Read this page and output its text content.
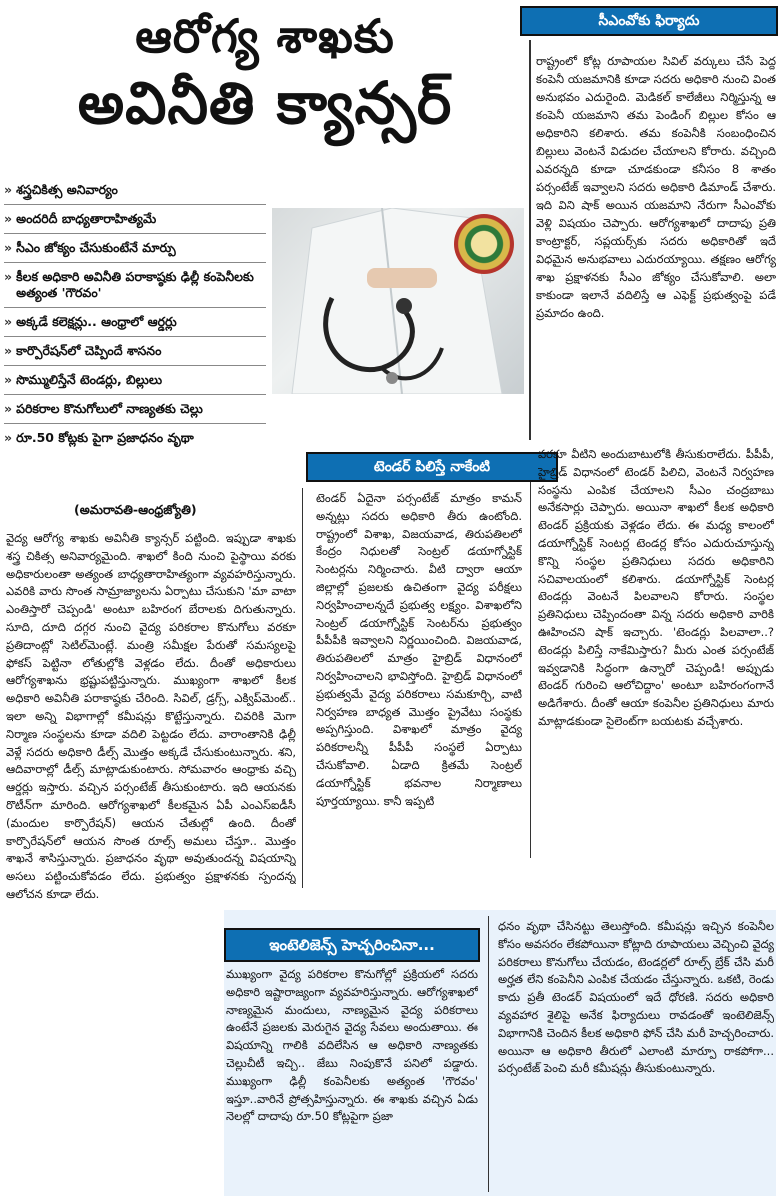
ఆరోగ్య శాఖకు
అవినీతి క్యాన్సర్
» శస్త్రచికిత్స అనివార్యం
» అందరిదీ బాధ్యతారాహిత్యమే
» సీఎం జోక్యం చేసుకుంటేనే మార్పు
» కీలక అధికారి అవినీతి పరాకాష్ఠకు ఢిల్లీ కంపెనీలకు అత్యంత 'గౌరవం'
» అక్కడే కలెక్షన్లు.. ఆంధ్రాలో ఆర్డర్లు
» కార్పొరేషన్‌లో చెప్పిందే శాసనం
» సొమ్ములిస్తేనే టెండర్లు, బిల్లులు
» పరికరాల కొనుగోలులో నాణ్యతకు చెల్లు
» రూ.50 కోట్లకు పైగా ప్రజాధనం వృథా
(అమరావతి-ఆంధ్రజ్యోతి)
సీఎంవోకు ఫిర్యాదు

రాష్ట్రంలో కోట్ల రూపాయల సివిల్ వర్కులు చేసే పెద్ద కంపెనీ యజమానికి కూడా సదరు అధికారి నుంచి వింత అనుభవం ఎదురైంది. మెడికల్ కాలేజీలు నిర్మిస్తున్న ఆ కంపెనీ యజమాని తమ పెండింగ్ బిల్లుల కోసం ఆ అధికారిని కలిశారు. తమ కంపెనీకి సంబంధించిన బిల్లులు వెంటనే విడుదల చేయాలని కోరారు. వచ్చింది ఎవరన్నది కూడా చూడకుండా కనీసం 8 శాతం పర్సంటేజ్ ఇవ్వాలని సదరు అధికారి డిమాండ్ చేశారు. ఇది విని షాక్ అయిన యజమాని నేరుగా సీఎంవోకు వెళ్లి విషయం చెప్పారు. ఆరోగ్యశాఖలో దాదాపు ప్రతి కాంట్రాక్టర్, సప్లయర్స్‌కు సదరు అధికారితో ఇదే విధమైన అనుభవాలు ఎదురయ్యాయి. తక్షణం ఆరోగ్య శాఖ ప్రక్షాళనకు సీఎం జోక్యం చేసుకోవాలి. అలా కాకుండా ఇలానే వదిలిస్తే ఆ ఎఫెక్ట్ ప్రభుత్వంపై పడే ప్రమాదం ఉంది.

టెండర్ పిలిస్తే నాకేంటి

టెండర్ ఏదైనా పర్సంటేజ్ మాత్రం కామన్ అన్నట్లు సదరు అధికారి తీరు ఉంటోంది. రాష్ట్రంలో విశాఖ, విజయవాడ, తిరుపతిలలో కేంద్రం నిధులతో సెంట్రల్ డయాగ్నోస్టిక్ సెంటర్లను నిర్మించారు. వీటి ద్వారా ఆయా జిల్లాల్లో ప్రజలకు ఉచితంగా వైద్య పరీక్షలు నిర్వహించాలన్నదే ప్రభుత్వ లక్ష్యం. విశాఖలోని సెంట్రల్ డయాగ్నోస్టిక్ సెంటర్‌ను ప్రభుత్వం పీపీపీకి ఇవ్వాలని నిర్ణయించింది. విజయవాడ, తిరుపతిలలో మాత్రం హైబ్రిడ్ విధానంలో నిర్వహించాలని భావిస్తోంది. హైబ్రిడ్ విధానంలో ప్రభుత్వమే వైద్య పరికరాలు సమకూర్చి, వాటి నిర్వహణ బాధ్యత మొత్తం ప్రైవేటు సంస్థకు అప్పగిస్తుంది. విశాఖలో మాత్రం వైద్య పరికరాలన్నీ పీపీపీ సంస్థలే ఏర్పాటు చేసుకోవాలి. ఏడాది క్రితమే సెంట్రల్ డయాగ్నోస్టిక్ భవనాల నిర్మాణాలు పూర్తయ్యాయి. కానీ ఇప్పటి

వరకూ వీటిని అందుబాటులోకి తీసుకురాలేదు. పీపీపీ, హైబ్రిడ్ విధానంలో టెండర్ పిలిచి, వెంటనే నిర్వహణ సంస్థను ఎంపిక చేయాలని సీఎం చంద్రబాబు అనేకసార్లు చెప్పారు. అయినా శాఖలో కీలక అధికారి టెండర్ ప్రక్రియకు వెళ్లడం లేదు. ఈ మధ్య కాలంలో డయాగ్నోస్టిక్ సెంటర్ల టెండర్ల కోసం ఎదురుచూస్తున్న కొన్ని సంస్థల ప్రతినిధులు సదరు అధికారిని సచివాలయంలో కలిశారు. డయాగ్నోస్టిక్ సెంటర్ల టెండర్లు వెంటనే పిలవాలని కోరారు. సంస్థల ప్రతినిధులు చెప్పిందంతా విన్న సదరు అధికారి వారికి ఊహించని షాక్ ఇచ్చారు. 'టెండర్లు పిలవాలా..? టెండర్లు పిలిస్తే నాకేమిస్తారు? మీరు ఎంత పర్సంటేజ్ ఇవ్వడానికి సిద్ధంగా ఉన్నారో చెప్పండి! అప్పుడు టెండర్ గురించి ఆలోచిద్దాం' అంటూ బహిరంగంగానే అడిగేశారు. దీంతో ఆయా కంపెనీల ప్రతినిధులు మారు మాట్లాడకుండా సైలెంట్‌గా బయటకు వచ్చేశారు.

వైద్య ఆరోగ్య శాఖకు అవినీతి క్యాన్సర్ పట్టింది. ఇప్పుడా శాఖకు శస్త్ర చికిత్స అనివార్యమైంది. శాఖలో కింది నుంచి పైస్థాయి వరకు అధికారులంతా అత్యంత బాధ్యతారాహిత్యంగా వ్యవహరిస్తున్నారు. ఎవరికి వారు సొంత సామ్రాజ్యాలను ఏర్పాటు చేసుకుని 'మా వాటా ఎంతిస్తారో చెప్పండి' అంటూ బహిరంగ బేరాలకు దిగుతున్నారు. సూది, దూది దగ్గర నుంచి వైద్య పరికరాల కొనుగోలు వరకూ ప్రతిదాంట్లో సెటిల్‌మెంట్లే. మంత్రి సమీక్షల పేరుతో సమస్యలపై ఫోకస్ పెట్టినా లోతుల్లోకి వెళ్లడం లేదు. దీంతో అధికారులు ఆరోగ్యశాఖను భ్రష్టుపట్టిస్తున్నారు. ముఖ్యంగా శాఖలో కీలక అధికారి అవినీతి పరాకాష్ఠకు చేరింది. సివిల్, డ్రగ్స్, ఎక్విప్‌మెంట్.. ఇలా అన్ని విభాగాల్లో కమీషన్లు కొట్టేస్తున్నారు. చివరికి మెగా నిర్మాణ సంస్థలను కూడా వదిలి పెట్టడం లేదు. వారాంతానికి ఢిల్లీ వెళ్లే సదరు అధికారి డీల్స్ మొత్తం అక్కడే చేసుకుంటున్నారు. శని, ఆదివారాల్లో డీల్స్ మాట్లాడుకుంటారు. సోమవారం ఆంధ్రాకు వచ్చి ఆర్డర్లు ఇస్తారు. వచ్చిన పర్సంటేజ్ తీసుకుంటారు. ఇది ఆయనకు రొటీన్‌గా మారింది. ఆరోగ్యశాఖలో కీలకమైన ఏపీ ఎంఎస్ఐడీసీ (మందుల కార్పొరేషన్) ఆయన చేతుల్లో ఉంది. దీంతో కార్పొరేషన్‌లో ఆయన సొంత రూల్స్ అమలు చేస్తూ.. మొత్తం శాఖనే శాసిస్తున్నారు. ప్రజాధనం వృథా అవుతుందన్న విషయాన్ని అసలు పట్టించుకోవడం లేదు. ప్రభుత్వం ప్రక్షాళనకు స్పందన్న ఆలోచన కూడా లేదు.

ఇంటెలిజెన్స్ హెచ్చరించినా...

ముఖ్యంగా వైద్య పరికరాల కొనుగోల్లో ప్రక్రియలో సదరు అధికారి ఇష్టారాజ్యంగా వ్యవహరిస్తున్నారు. ఆరోగ్యశాఖలో నాణ్యమైన మందులు, నాణ్యమైన వైద్య పరికరాలు ఉంటేనే ప్రజలకు మెరుగైన వైద్య సేవలు అందుతాయి. ఈ విషయాన్ని గాలికి వదిలేసిన ఆ అధికారి నాణ్యతకు చెల్లుచీటీ ఇచ్చి.. జేబు నింపుకొనే పనిలో పడ్డారు. ముఖ్యంగా ఢిల్లీ కంపెనీలకు అత్యంత 'గౌరవం' ఇస్తూ..వారినే ప్రోత్సహిస్తున్నారు. ఈ శాఖకు వచ్చిన ఏడు నెలల్లో దాదాపు రూ.50 కోట్లపైగా ప్రజా

ధనం వృథా చేసినట్టు తెలుస్తోంది. కమీషన్లు ఇచ్చిన కంపెనీల కోసం అవసరం లేకపోయినా కోట్లాది రూపాయలు వెచ్చించి వైద్య పరికరాలు కొనుగోలు చేయడం, టెండర్లలో రూల్స్ బ్రేక్ చేసి మరీ అర్హత లేని కంపెనీని ఎంపిక చేయడం చేస్తున్నారు. ఒకటి, రెండు కాదు ప్రతీ టెండర్ విషయంలో ఇదే ధోరణి. సదరు అధికారి వ్యవహార శైలిపై అనేక ఫిర్యాదులు రావడంతో ఇంటెలిజెన్స్ విభాగానికి చెందిన కీలక అధికారి ఫోన్ చేసి మరీ హెచ్చరించారు. అయినా ఆ అధికారి తీరులో ఎలాంటి మార్పూ రాకపోగా... పర్సంటేజ్ పెంచి మరీ కమీషన్లు తీసుకుంటున్నారు.
